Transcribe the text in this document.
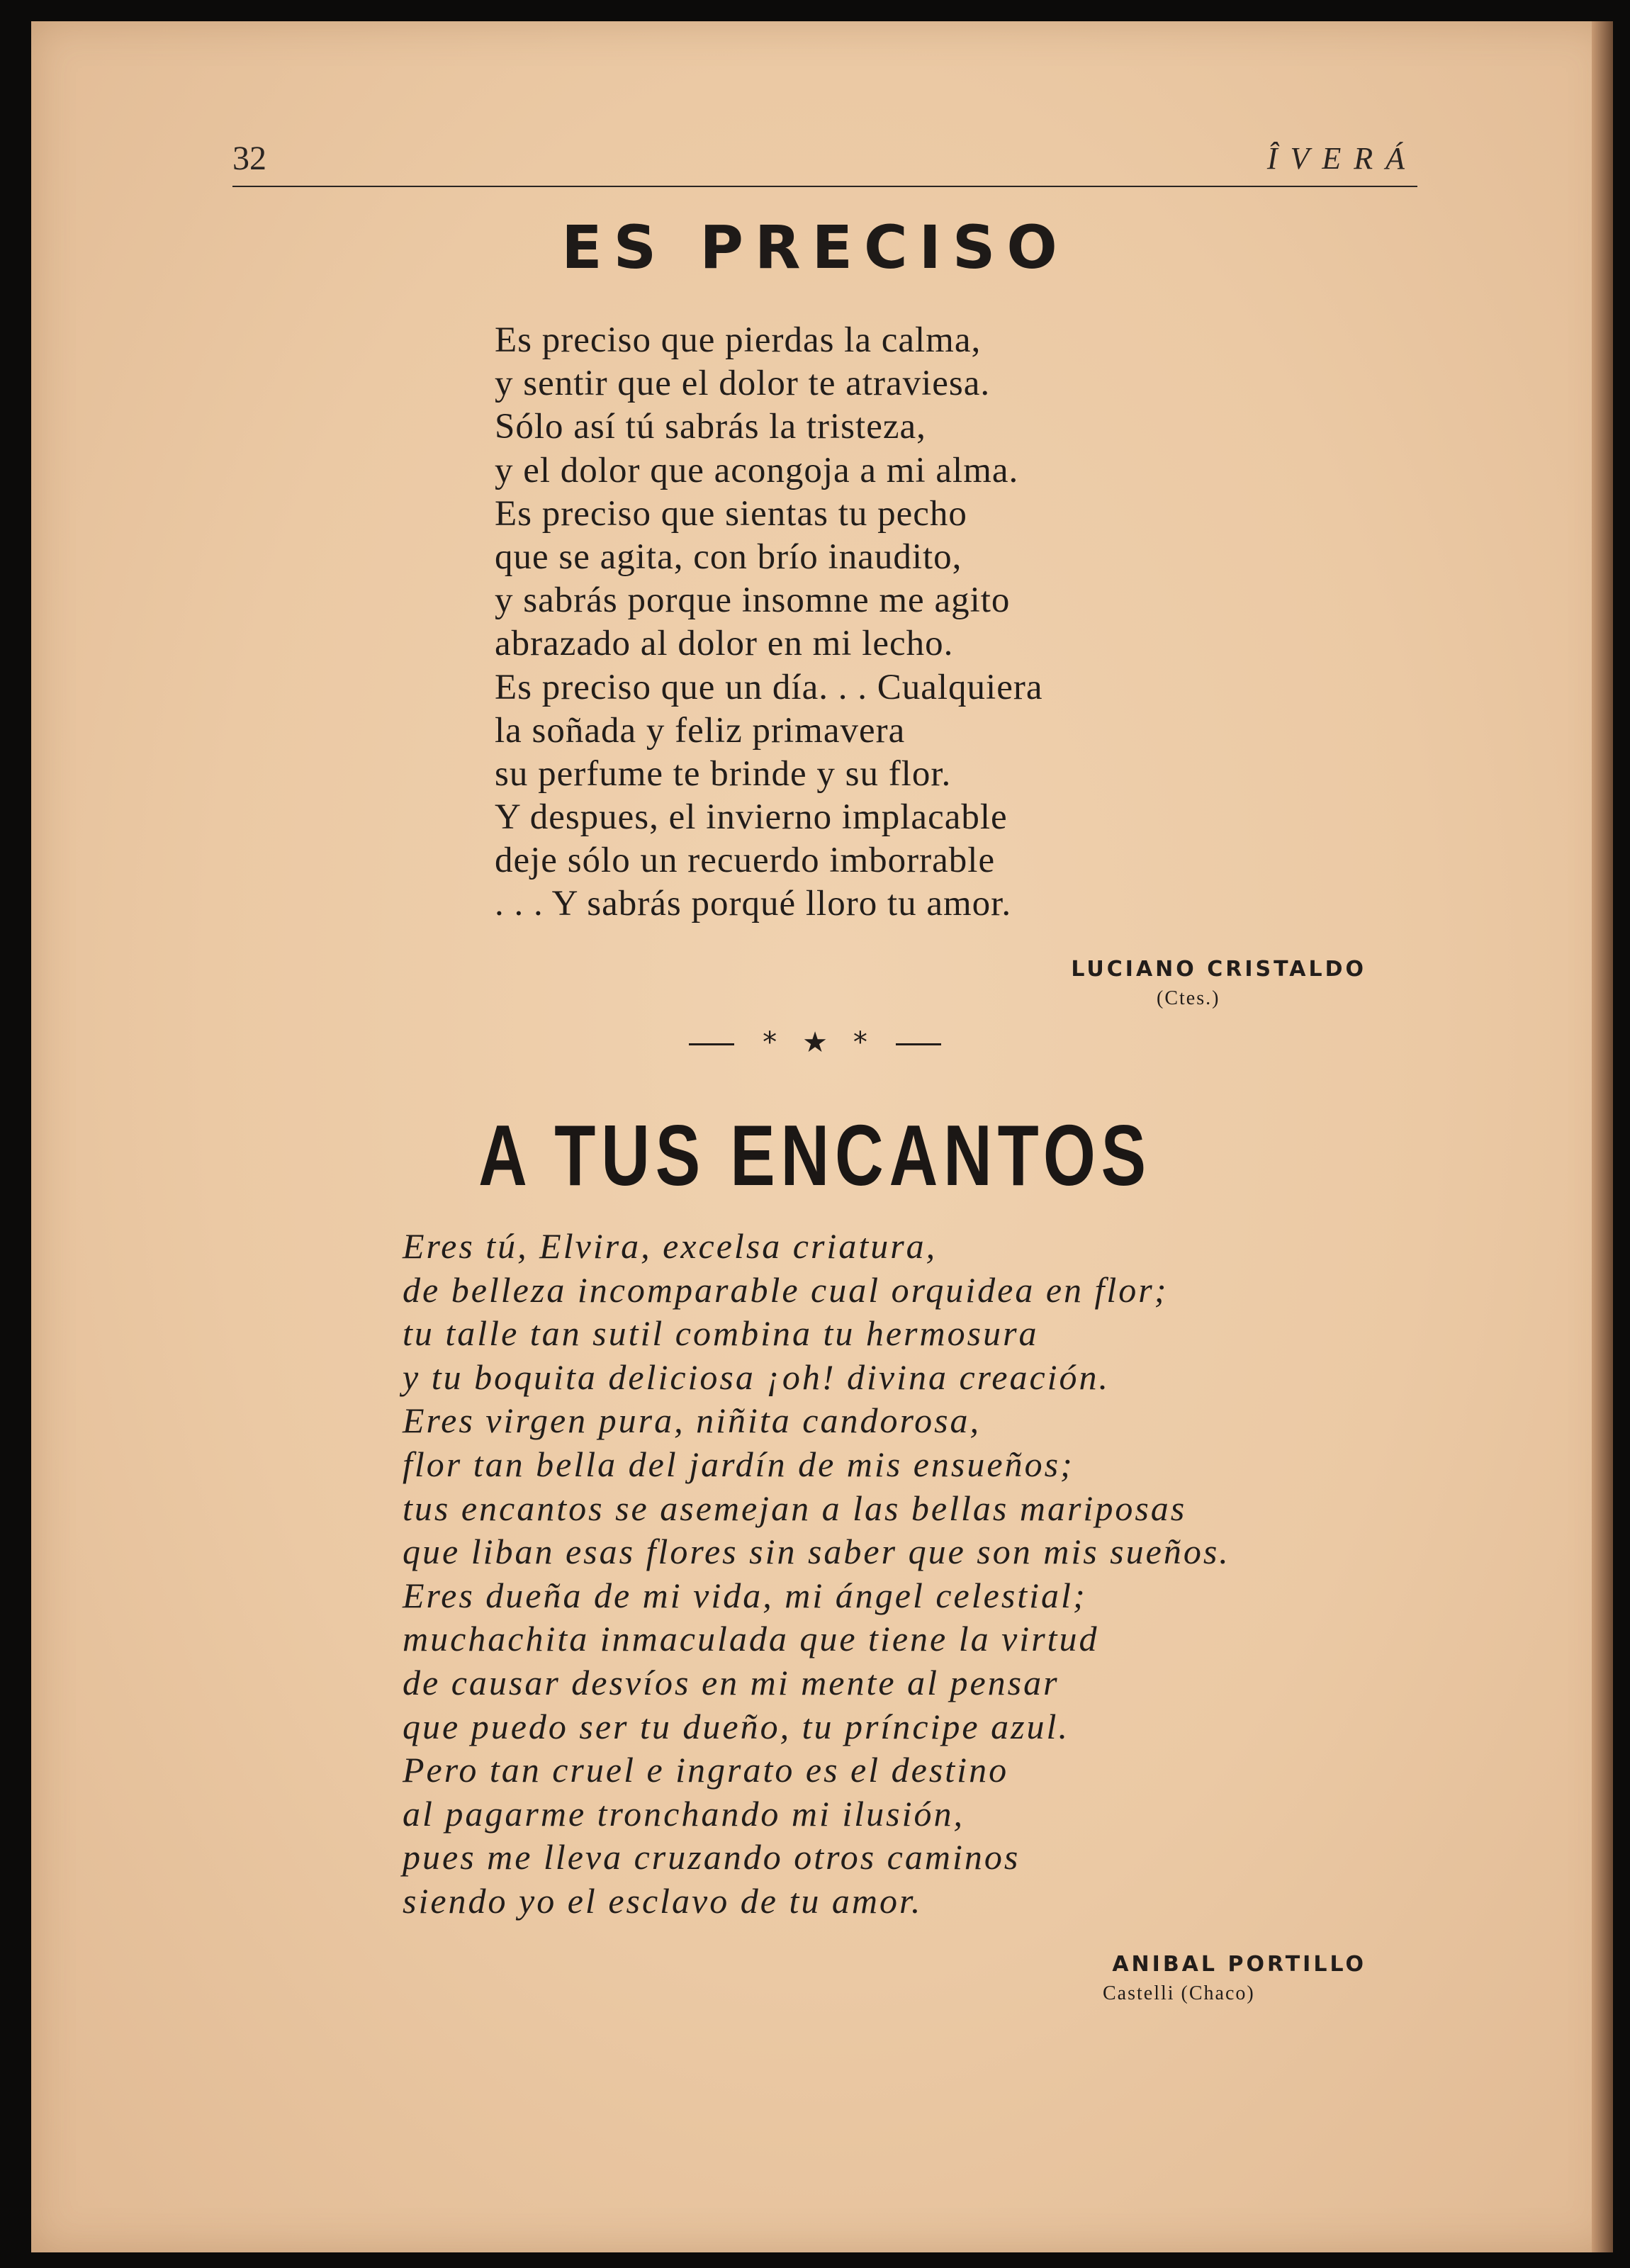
32	ÎVERÁ
ES PRECISO
Es preciso que pierdas la calma,
y sentir que el dolor te atraviesa.
Sólo así tú sabrás la tristeza,
y el dolor que acongoja a mi alma.
Es preciso que sientas tu pecho
que se agita, con brío inaudito,
y sabrás porque insomne me agito
abrazado al dolor en mi lecho.
Es preciso que un día. . . Cualquiera
la soñada y feliz primavera
su perfume te brinde y su flor.
Y despues, el invierno implacable
deje sólo un recuerdo imborrable
. . . Y sabrás porqué lloro tu amor.
LUCIANO CRISTALDO
(Ctes.)
* ★ *
A TUS ENCANTOS
Eres tú, Elvira, excelsa criatura,
de belleza incomparable cual orquidea en flor;
tu talle tan sutil combina tu hermosura
y tu boquita deliciosa ¡oh! divina creación.
Eres virgen pura, niñita candorosa,
flor tan bella del jardín de mis ensueños;
tus encantos se asemejan a las bellas mariposas
que liban esas flores sin saber que son mis sueños.
Eres dueña de mi vida, mi ángel celestial;
muchachita inmaculada que tiene la virtud
de causar desvíos en mi mente al pensar
que puedo ser tu dueño, tu príncipe azul.
Pero tan cruel e ingrato es el destino
al pagarme tronchando mi ilusión,
pues me lleva cruzando otros caminos
siendo yo el esclavo de tu amor.
ANIBAL PORTILLO
Castelli (Chaco)
